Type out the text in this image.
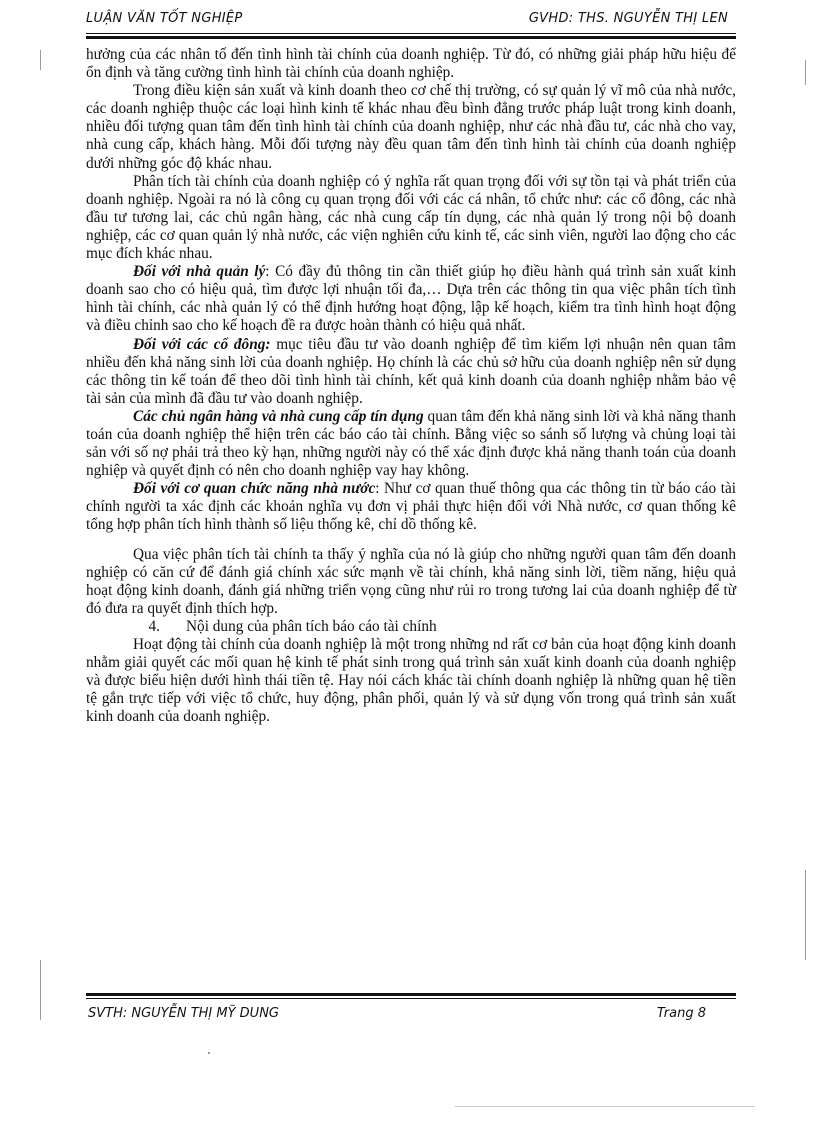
LUẬN VĂN TỐT NGHIỆP	GVHD: THS. NGUYỄN THỊ LEN

hưởng của các nhân tố đến tình hình tài chính của doanh nghiệp. Từ đó, có những giải pháp hữu hiệu để ổn định và tăng cường tình hình tài chính của doanh nghiệp.

Trong điều kiện sản xuất và kinh doanh theo cơ chế thị trường, có sự quản lý vĩ mô của nhà nước, các doanh nghiệp thuộc các loại hình kinh tế khác nhau đều bình đẳng trước pháp luật trong kinh doanh, nhiều đối tượng quan tâm đến tình hình tài chính của doanh nghiệp, như các nhà đầu tư, các nhà cho vay, nhà cung cấp, khách hàng. Mỗi đối tượng này đều quan tâm đến tình hình tài chính của doanh nghiệp dưới những góc độ khác nhau.

Phân tích tài chính của doanh nghiệp có ý nghĩa rất quan trọng đối với sự tồn tại và phát triển của doanh nghiệp. Ngoài ra nó là công cụ quan trọng đối với các cá nhân, tổ chức như: các cổ đông, các nhà đầu tư tương lai, các chủ ngân hàng, các nhà cung cấp tín dụng, các nhà quản lý trong nội bộ doanh nghiệp, các cơ quan quản lý nhà nước, các viện nghiên cứu kinh tế, các sinh viên, người lao động cho các mục đích khác nhau.

Đối với nhà quản lý: Có đầy đủ thông tin cần thiết giúp họ điều hành quá trình sản xuất kinh doanh sao cho có hiệu quả, tìm được lợi nhuận tối đa,… Dựa trên các thông tin qua việc phân tích tình hình tài chính, các nhà quản lý có thể định hướng hoạt động, lập kế hoạch, kiểm tra tình hình hoạt động và điều chỉnh sao cho kế hoạch đề ra được hoàn thành có hiệu quả nhất.

Đối với các cổ đông: mục tiêu đầu tư vào doanh nghiệp để tìm kiếm lợi nhuận nên quan tâm nhiều đến khả năng sinh lời của doanh nghiệp. Họ chính là các chủ sở hữu của doanh nghiệp nên sử dụng các thông tin kế toán để theo dõi tình hình tài chính, kết quả kinh doanh của doanh nghiệp nhằm bảo vệ tài sản của mình đã đầu tư vào doanh nghiệp.

Các chủ ngân hàng và nhà cung cấp tín dụng quan tâm đến khả năng sinh lời và khả năng thanh toán của doanh nghiệp thể hiện trên các báo cáo tài chính. Bằng việc so sánh số lượng và chủng loại tài sản với số nợ phải trả theo kỳ hạn, những người này có thể xác định được khả năng thanh toán của doanh nghiệp và quyết định có nên cho doanh nghiệp vay hay không.

Đối với cơ quan chức năng nhà nước: Như cơ quan thuế thông qua các thông tin từ báo cáo tài chính người ta xác định các khoản nghĩa vụ đơn vị phải thực hiện đối với Nhà nước, cơ quan thống kê tổng hợp phân tích hình thành số liệu thống kê, chỉ dồ thống kê.

Qua việc phân tích tài chính ta thấy ý nghĩa của nó là giúp cho những người quan tâm đến doanh nghiệp có căn cứ để đánh giá chính xác sức mạnh về tài chính, khả năng sinh lời, tiềm năng, hiệu quả hoạt động kinh doanh, đánh giá những triển vọng cũng như rủi ro trong tương lai của doanh nghiệp để từ đó đưa ra quyết định thích hợp.

4. Nội dung của phân tích báo cáo tài chính

Hoạt động tài chính của doanh nghiệp là một trong những nd rất cơ bản của hoạt động kinh doanh nhằm giải quyết các mối quan hệ kinh tế phát sinh trong quá trình sản xuất kinh doanh của doanh nghiệp và được biểu hiện dưới hình thái tiền tệ. Hay nói cách khác tài chính doanh nghiệp là những quan hệ tiền tệ gắn trực tiếp với việc tổ chức, huy động, phân phối, quản lý và sử dụng vốn trong quá trình sản xuất kinh doanh của doanh nghiệp.

SVTH: NGUYỄN THỊ MỸ DUNG	Trang 8
